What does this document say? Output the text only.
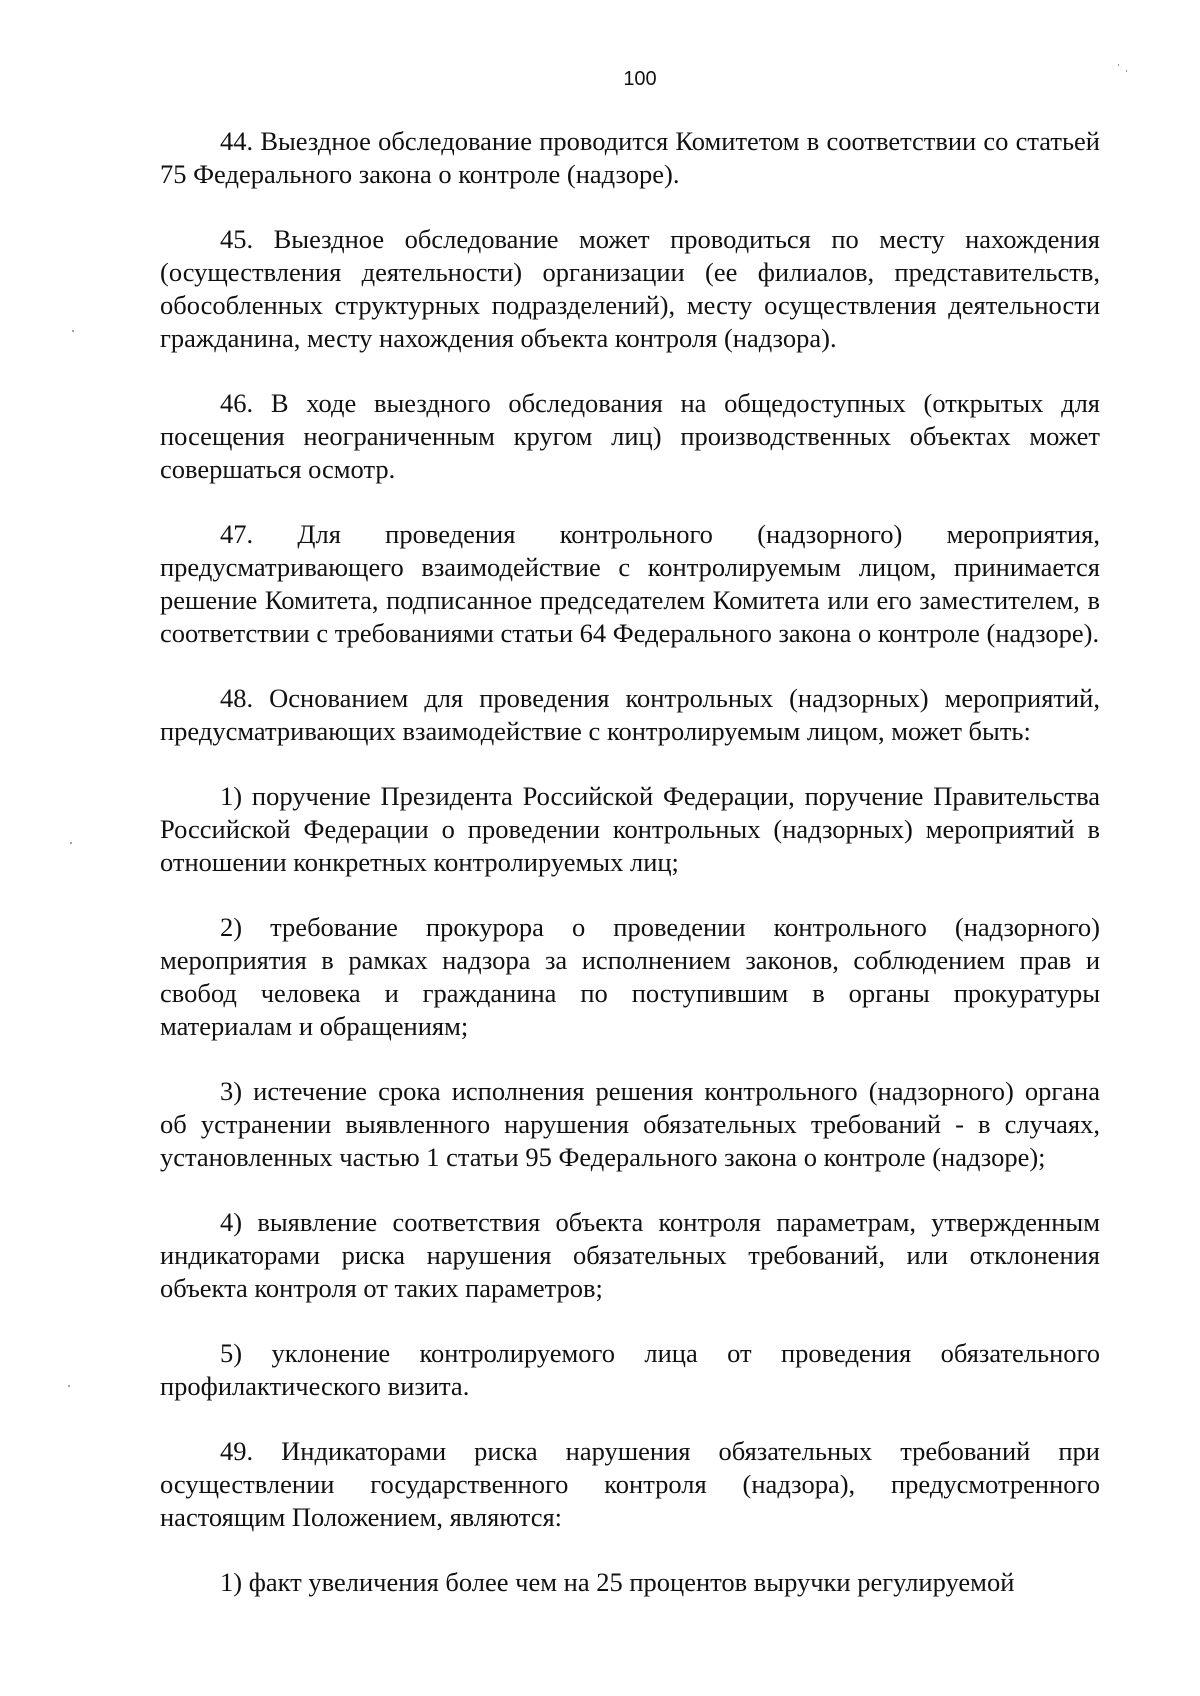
100

44. Выездное обследование проводится Комитетом в соответствии со статьей 75 Федерального закона о контроле (надзоре).

45. Выездное обследование может проводиться по месту нахождения (осуществления деятельности) организации (ее филиалов, представительств, обособленных структурных подразделений), месту осуществления деятельности гражданина, месту нахождения объекта контроля (надзора).

46. В ходе выездного обследования на общедоступных (открытых для посещения неограниченным кругом лиц) производственных объектах может совершаться осмотр.

47. Для проведения контрольного (надзорного) мероприятия, предусматривающего взаимодействие с контролируемым лицом, принимается решение Комитета, подписанное председателем Комитета или его заместителем, в соответствии с требованиями статьи 64 Федерального закона о контроле (надзоре).

48. Основанием для проведения контрольных (надзорных) мероприятий, предусматривающих взаимодействие с контролируемым лицом, может быть:

1) поручение Президента Российской Федерации, поручение Правительства Российской Федерации о проведении контрольных (надзорных) мероприятий в отношении конкретных контролируемых лиц;

2) требование прокурора о проведении контрольного (надзорного) мероприятия в рамках надзора за исполнением законов, соблюдением прав и свобод человека и гражданина по поступившим в органы прокуратуры материалам и обращениям;

3) истечение срока исполнения решения контрольного (надзорного) органа об устранении выявленного нарушения обязательных требований - в случаях, установленных частью 1 статьи 95 Федерального закона о контроле (надзоре);

4) выявление соответствия объекта контроля параметрам, утвержденным индикаторами риска нарушения обязательных требований, или отклонения объекта контроля от таких параметров;

5) уклонение контролируемого лица от проведения обязательного профилактического визита.

49. Индикаторами риска нарушения обязательных требований при осуществлении государственного контроля (надзора), предусмотренного настоящим Положением, являются:

1) факт увеличения более чем на 25 процентов выручки регулируемой
